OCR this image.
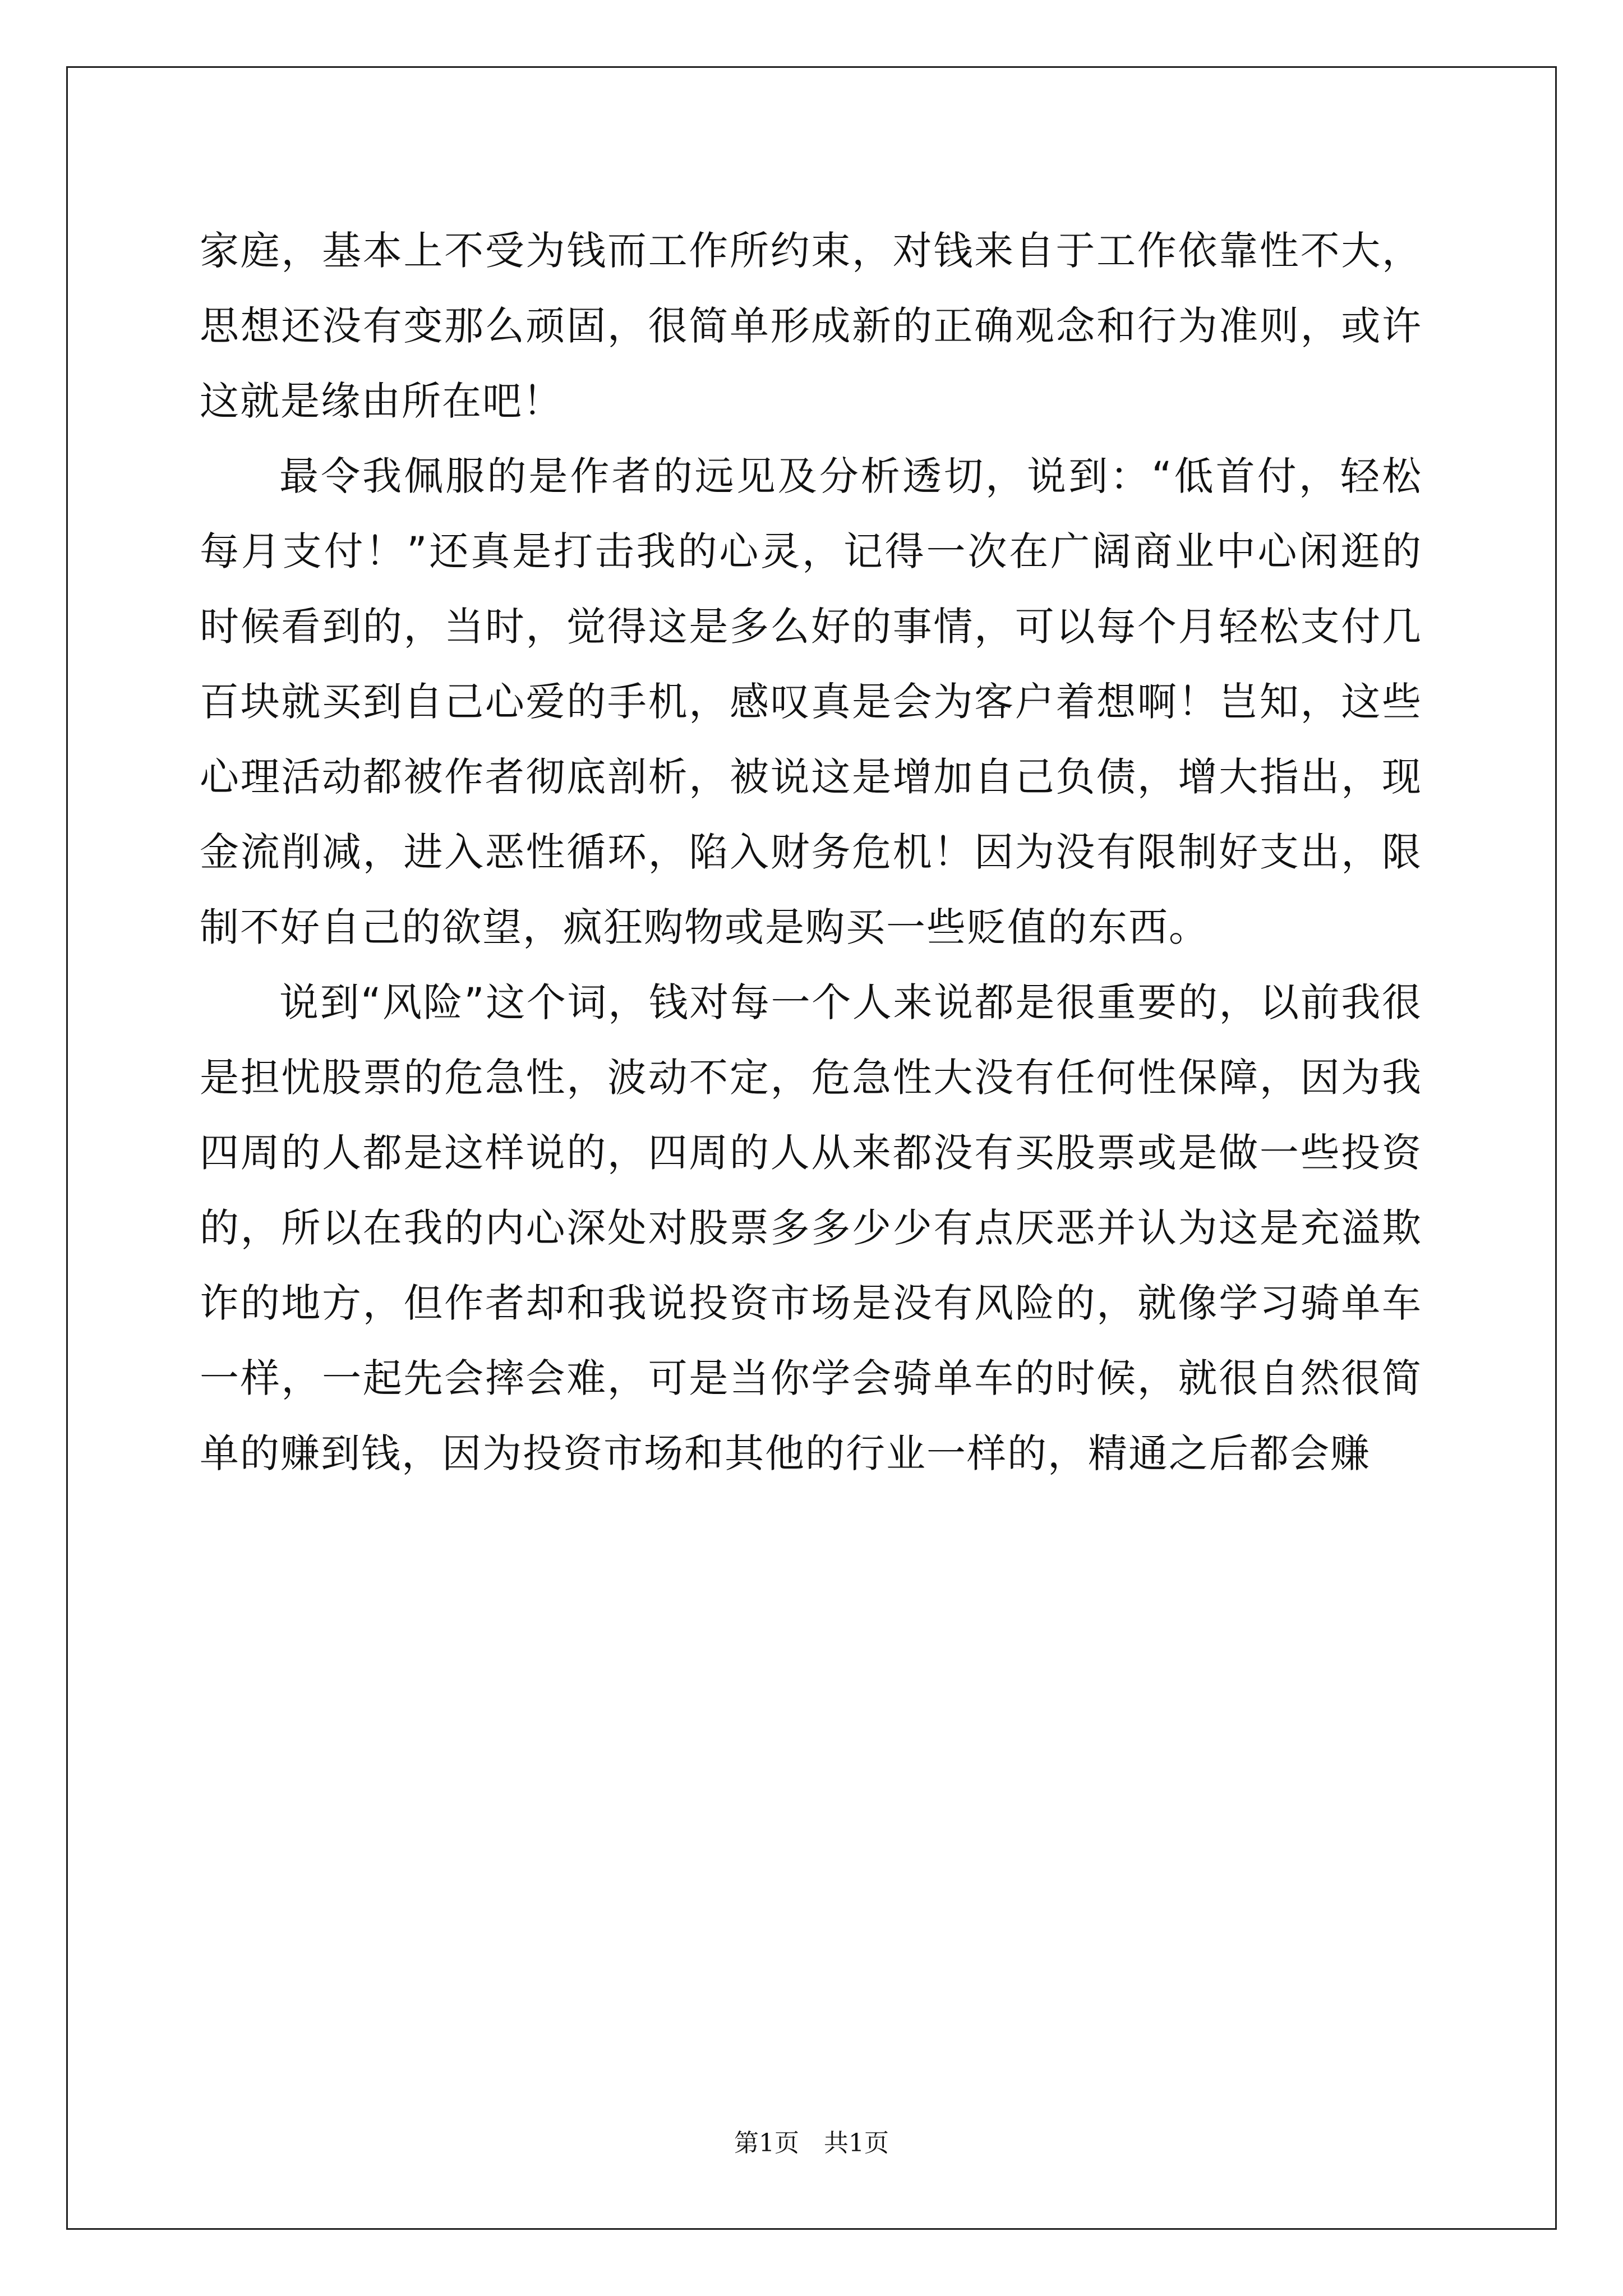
家庭，基本上不受为钱而工作所约束，对钱来自于工作依靠性不大，思想还没有变那么顽固，很简单形成新的正确观念和行为准则，或许这就是缘由所在吧！

最令我佩服的是作者的远见及分析透切，说到：“低首付，轻松每月支付！”还真是打击我的心灵，记得一次在广阔商业中心闲逛的时候看到的，当时，觉得这是多么好的事情，可以每个月轻松支付几百块就买到自己心爱的手机，感叹真是会为客户着想啊！岂知，这些心理活动都被作者彻底剖析，被说这是增加自己负债，增大指出，现金流削减，进入恶性循环，陷入财务危机！因为没有限制好支出，限制不好自己的欲望，疯狂购物或是购买一些贬值的东西。

说到“风险”这个词，钱对每一个人来说都是很重要的，以前我很是担忧股票的危急性，波动不定，危急性大没有任何性保障，因为我四周的人都是这样说的，四周的人从来都没有买股票或是做一些投资的，所以在我的内心深处对股票多多少少有点厌恶并认为这是充溢欺诈的地方，但作者却和我说投资市场是没有风险的，就像学习骑单车一样，一起先会摔会难，可是当你学会骑单车的时候，就很自然很简单的赚到钱，因为投资市场和其他的行业一样的，精通之后都会赚

第1页　共1页
